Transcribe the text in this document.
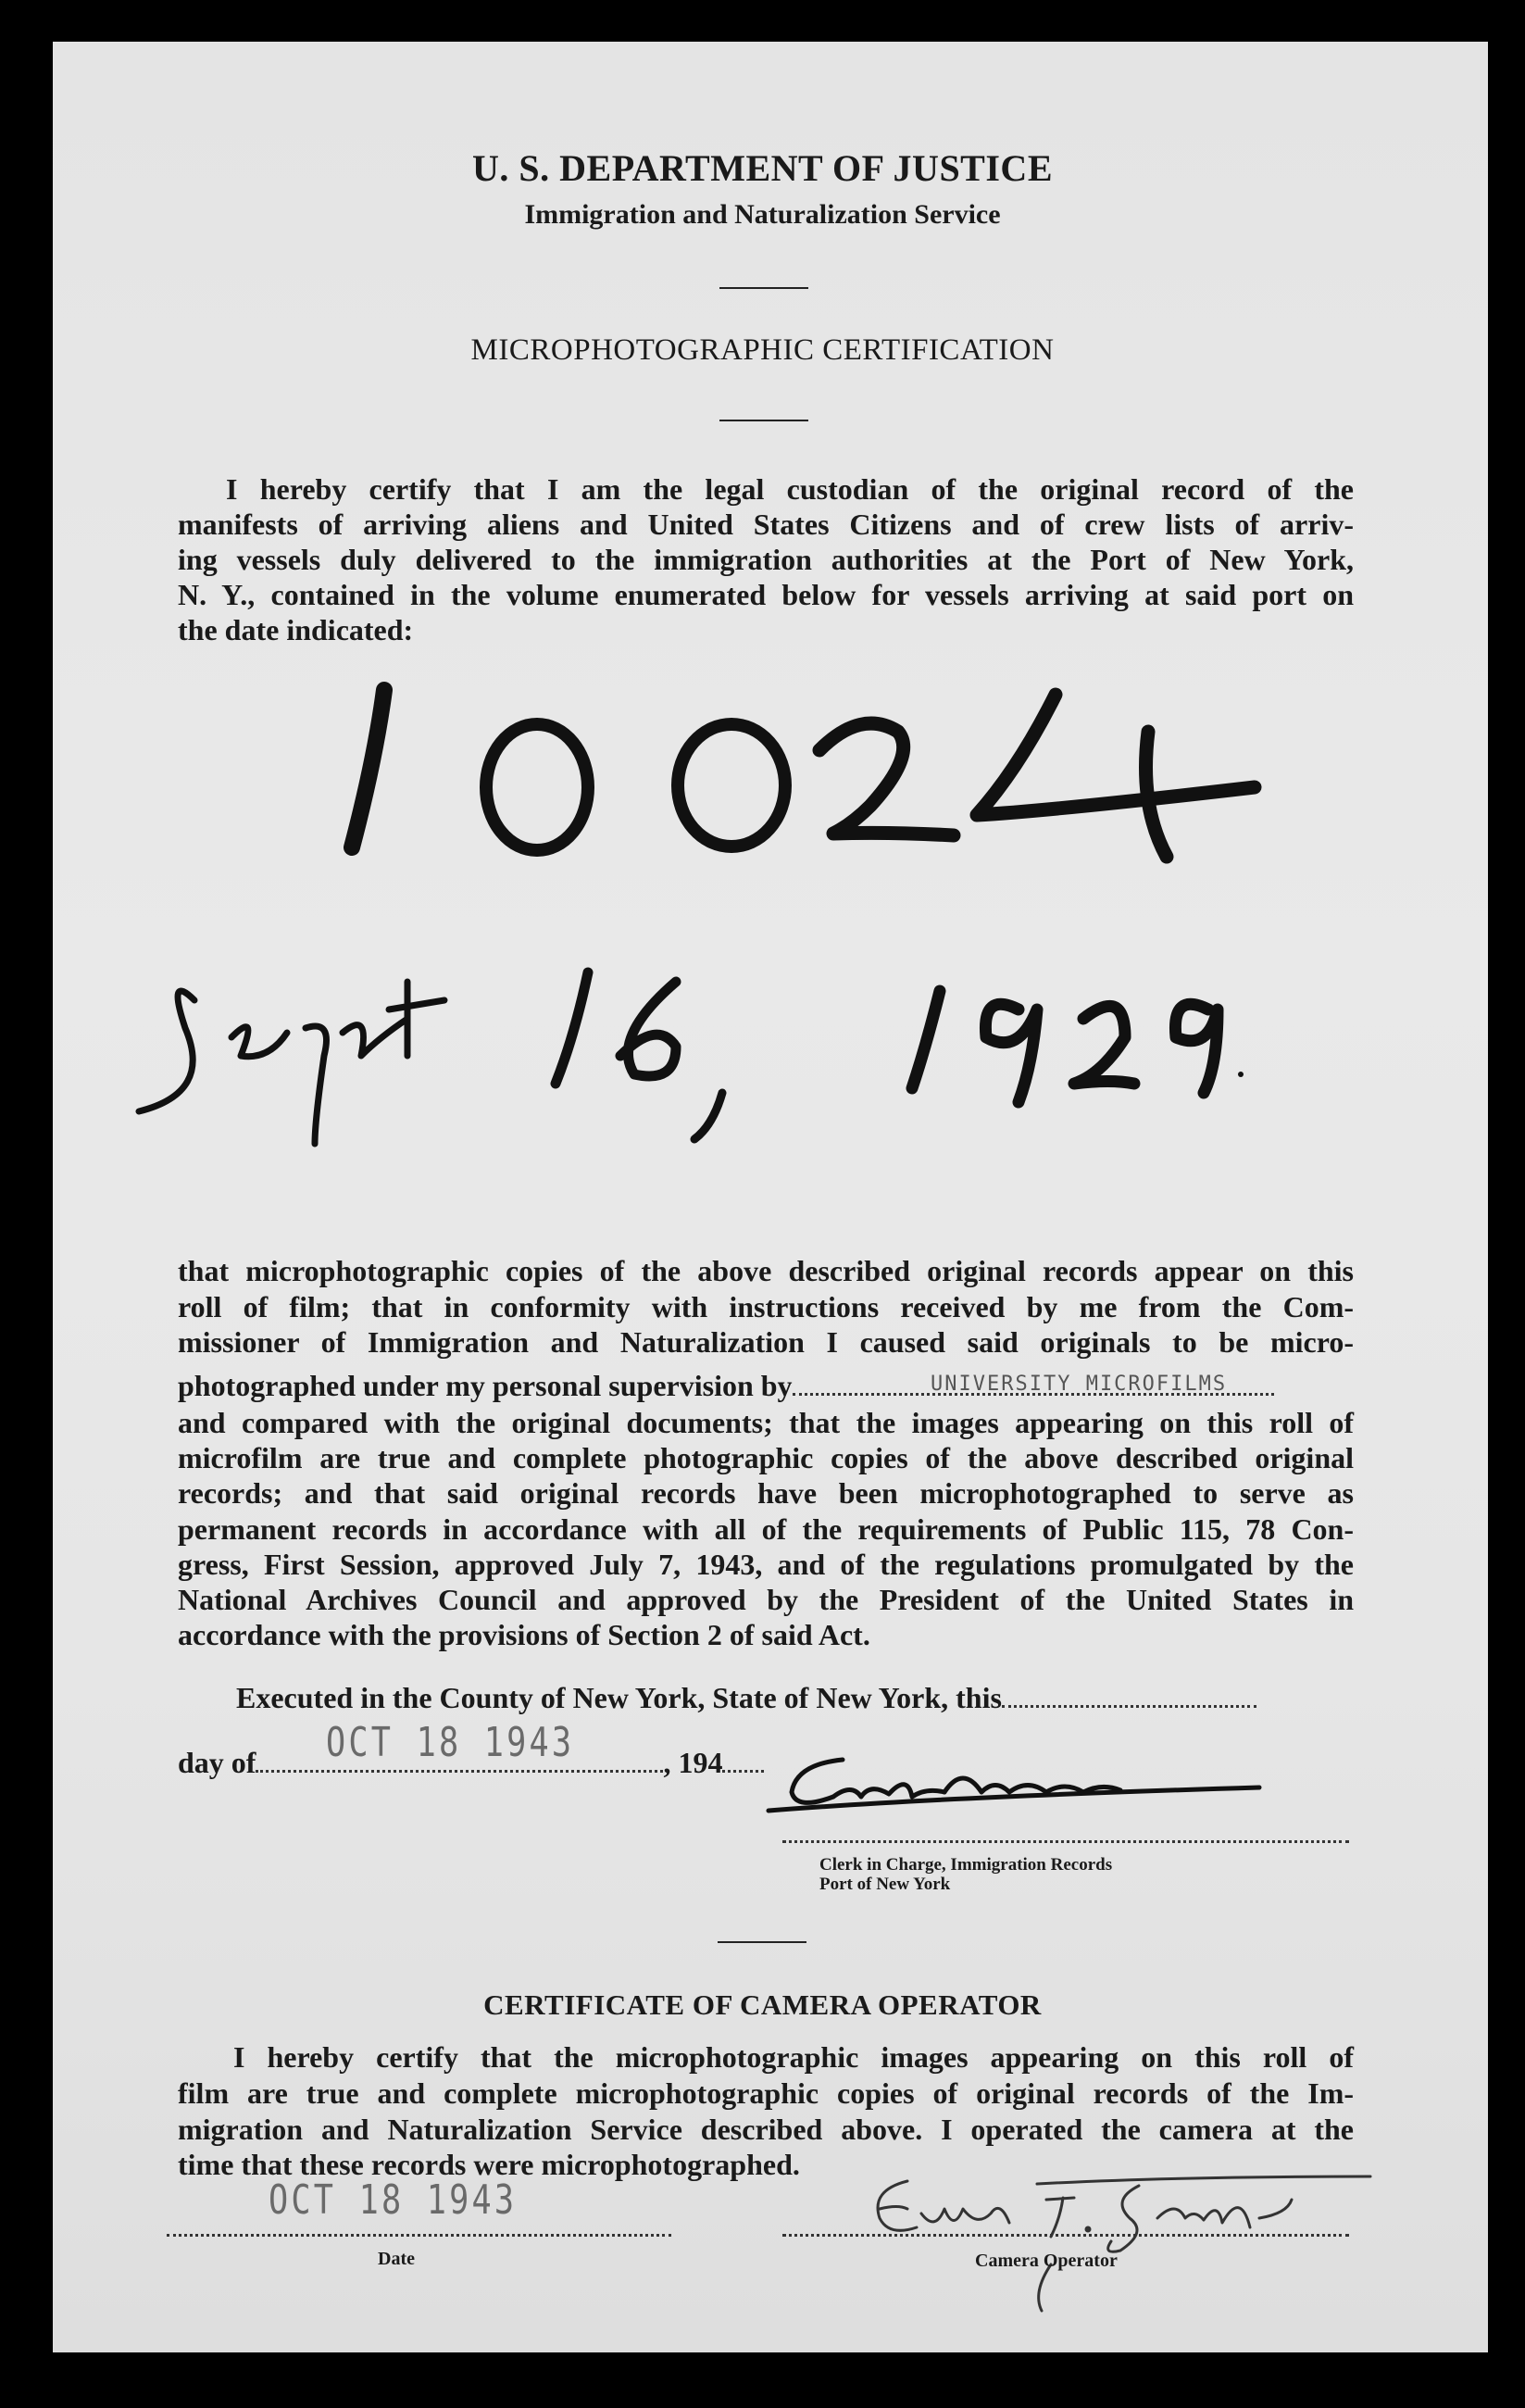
U. S. DEPARTMENT OF JUSTICE
Immigration and Naturalization Service
MICROPHOTOGRAPHIC CERTIFICATION
I hereby certify that I am the legal custodian of the original record of the
manifests of arriving aliens and United States Citizens and of crew lists of arriv-
ing vessels duly delivered to the immigration authorities at the Port of New York,
N. Y., contained in the volume enumerated below for vessels arriving at said port on
the date indicated:
that microphotographic copies of the above described original records appear on this
roll of film; that in conformity with instructions received by me from the Com-
missioner of Immigration and Naturalization I caused said originals to be micro-
photographed under my personal supervision by	UNIVERSITY MICROFILMS
and compared with the original documents; that the images appearing on this roll of
microfilm are true and complete photographic copies of the above described original
records; and that said original records have been microphotographed to serve as
permanent records in accordance with all of the requirements of Public 115, 78 Con-
gress, First Session, approved July 7, 1943, and of the regulations promulgated by the
National Archives Council and approved by the President of the United States in
accordance with the provisions of Section 2 of said Act.
Executed in the County of New York, State of New York, this
day of	, 194
OCT 18 1943
Clerk in Charge, Immigration Records
Port of New York
CERTIFICATE OF CAMERA OPERATOR
I hereby certify that the microphotographic images appearing on this roll of
film are true and complete microphotographic copies of original records of the Im-
migration and Naturalization Service described above. I operated the camera at the
time that these records were microphotographed.
OCT 18 1943
Date	Camera Operator
